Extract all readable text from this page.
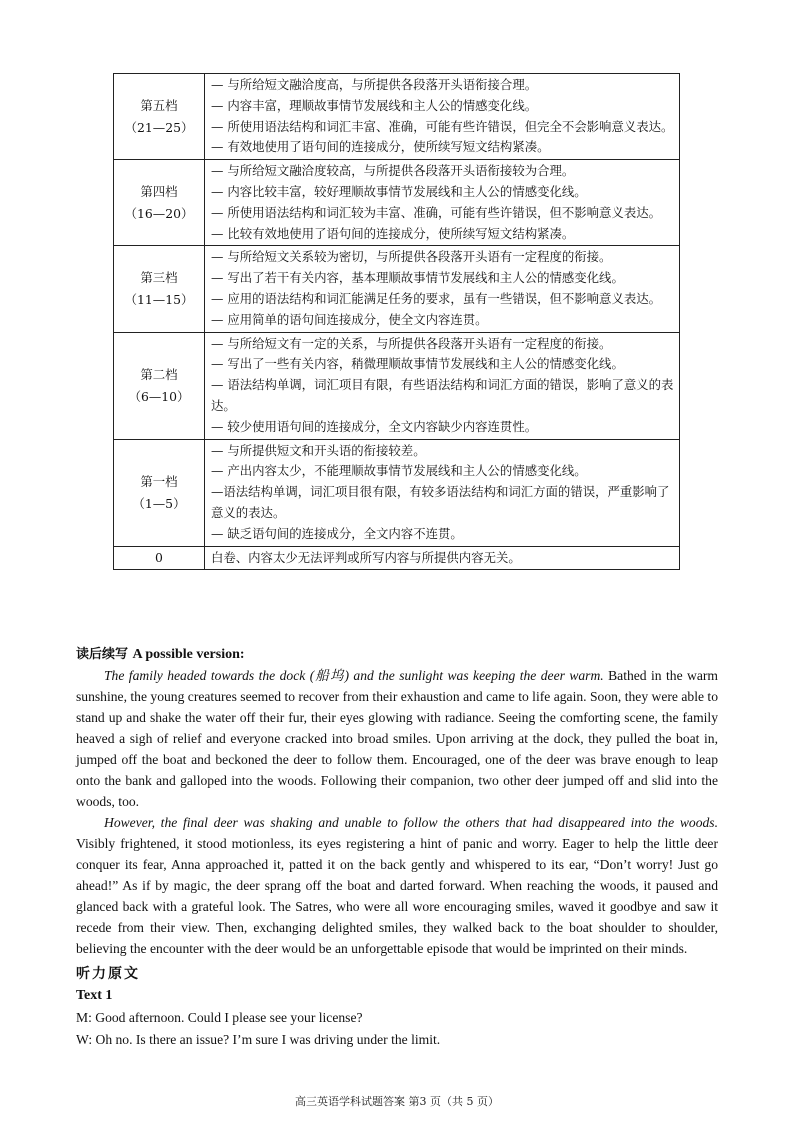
第五档
（21—25）	— 与所给短文融洽度高，与所提供各段落开头语衔接合理。
— 内容丰富，理顺故事情节发展线和主人公的情感变化线。
— 所使用语法结构和词汇丰富、准确，可能有些许错误，但完全不会影响意义表达。
— 有效地使用了语句间的连接成分，使所续写短文结构紧凑。

第四档
（16—20）	— 与所给短文融洽度较高，与所提供各段落开头语衔接较为合理。
— 内容比较丰富，较好理顺故事情节发展线和主人公的情感变化线。
— 所使用语法结构和词汇较为丰富、准确，可能有些许错误，但不影响意义表达。
— 比较有效地使用了语句间的连接成分，使所续写短文结构紧凑。

第三档
（11—15）	— 与所给短文关系较为密切，与所提供各段落开头语有一定程度的衔接。
— 写出了若干有关内容，基本理顺故事情节发展线和主人公的情感变化线。
— 应用的语法结构和词汇能满足任务的要求，虽有一些错误，但不影响意义表达。
— 应用简单的语句间连接成分，使全文内容连贯。

第二档
（6—10）	— 与所给短文有一定的关系，与所提供各段落开头语有一定程度的衔接。
— 写出了一些有关内容，稍微理顺故事情节发展线和主人公的情感变化线。
— 语法结构单调，词汇项目有限，有些语法结构和词汇方面的错误，影响了意义的表达。
— 较少使用语句间的连接成分，全文内容缺少内容连贯性。

第一档
（1—5）	— 与所提供短文和开头语的衔接较差。
— 产出内容太少，不能理顺故事情节发展线和主人公的情感变化线。
—语法结构单调，词汇项目很有限，有较多语法结构和词汇方面的错误，严重影响了意义的表达。
— 缺乏语句间的连接成分，全文内容不连贯。

0	白卷、内容太少无法评判或所写内容与所提供内容无关。
读后续写 A possible version:

The family headed towards the dock (船坞) and the sunlight was keeping the deer warm. Bathed in the warm sunshine, the young creatures seemed to recover from their exhaustion and came to life again. Soon, they were able to stand up and shake the water off their fur, their eyes glowing with radiance. Seeing the comforting scene, the family heaved a sigh of relief and everyone cracked into broad smiles. Upon arriving at the dock, they pulled the boat in, jumped off the boat and beckoned the deer to follow them. Encouraged, one of the deer was brave enough to leap onto the bank and galloped into the woods. Following their companion, two other deer jumped off and slid into the woods, too.

However, the final deer was shaking and unable to follow the others that had disappeared into the woods. Visibly frightened, it stood motionless, its eyes registering a hint of panic and worry. Eager to help the little deer conquer its fear, Anna approached it, patted it on the back gently and whispered to its ear, “Don’t worry! Just go ahead!” As if by magic, the deer sprang off the boat and darted forward. When reaching the woods, it paused and glanced back with a grateful look. The Satres, who were all wore encouraging smiles, waved it goodbye and saw it recede from their view. Then, exchanging delighted smiles, they walked back to the boat shoulder to shoulder, believing the encounter with the deer would be an unforgettable episode that would be imprinted on their minds.

听力原文
Text 1
M: Good afternoon. Could I please see your license?
W: Oh no. Is there an issue? I’m sure I was driving under the limit.
高三英语学科试题答案 第3 页（共 5 页）
